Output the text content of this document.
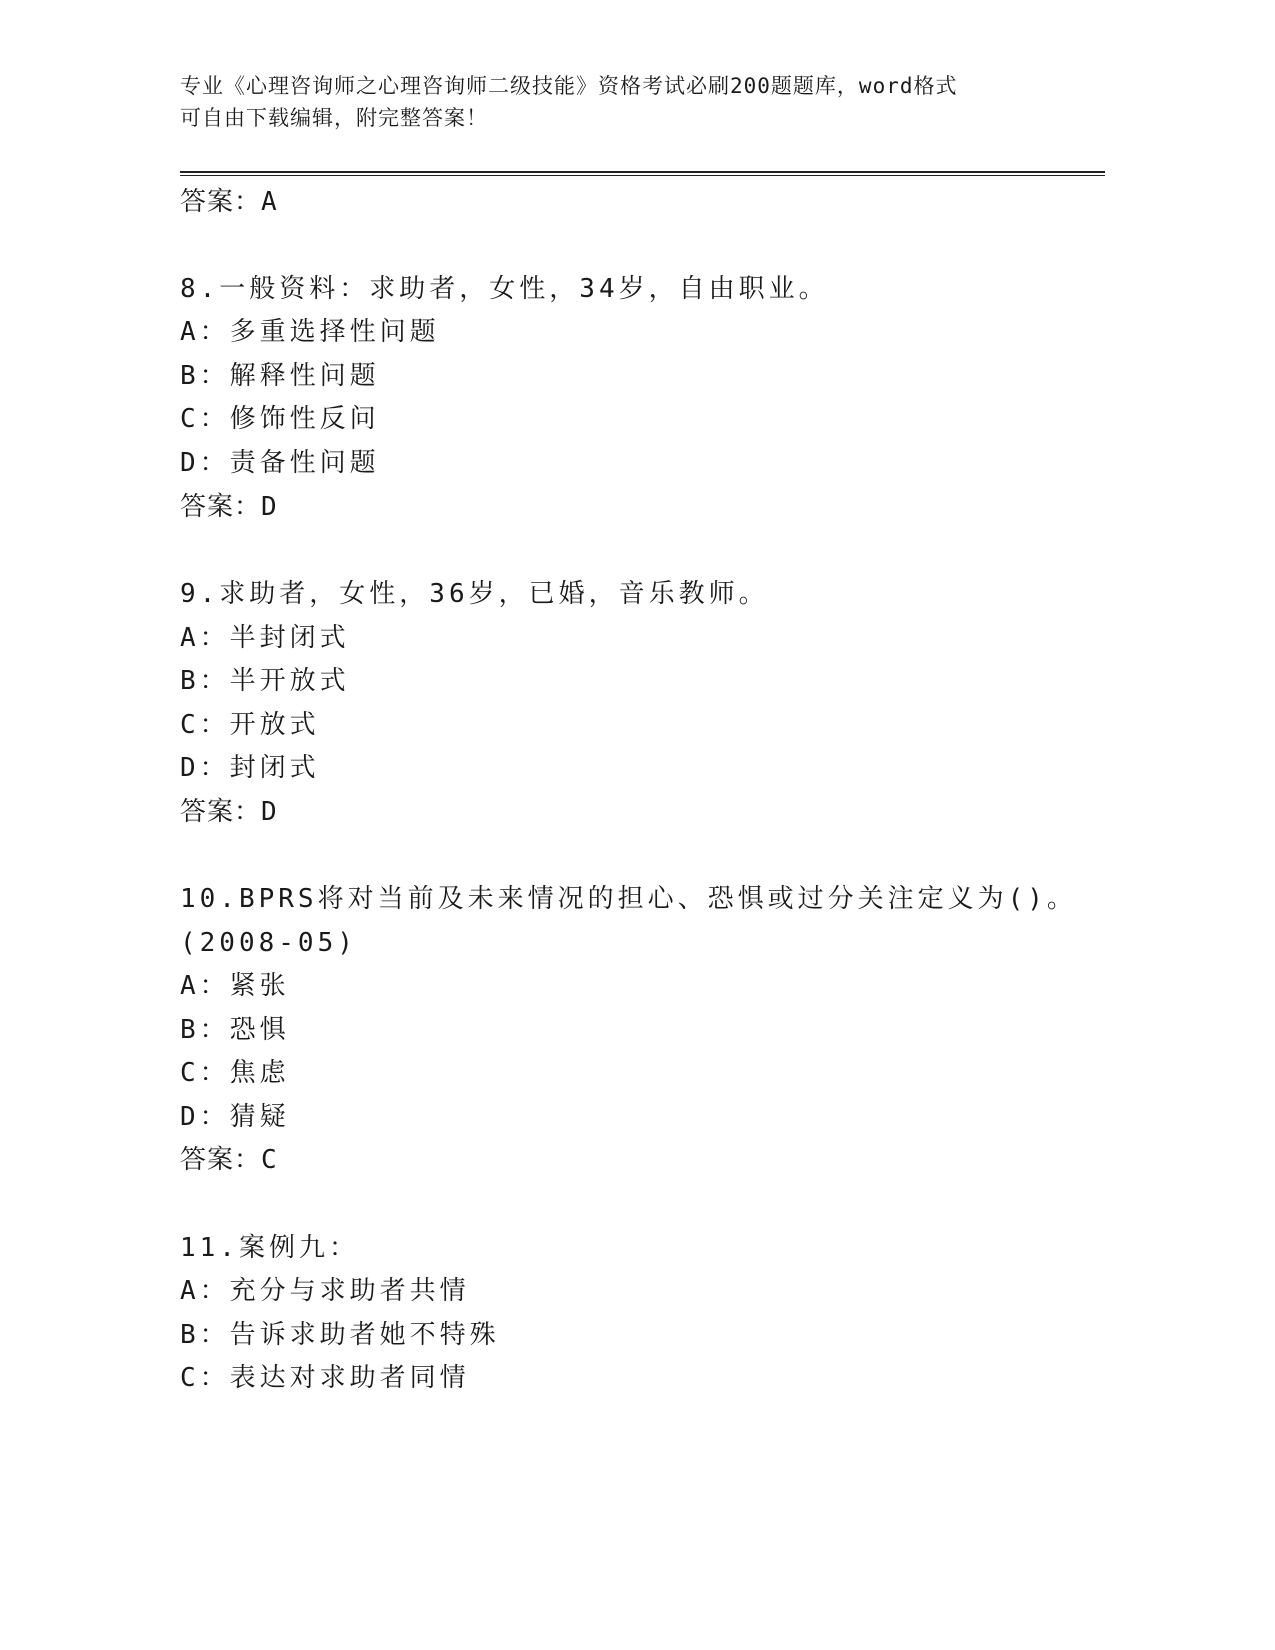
专业《心理咨询师之心理咨询师二级技能》资格考试必刷200题题库，word格式
可自由下载编辑，附完整答案！
答案：A
8.一般资料：求助者，女性，34岁，自由职业。
A：多重选择性问题
B：解释性问题
C：修饰性反问
D：责备性问题
答案：D
9.求助者，女性，36岁，已婚，音乐教师。
A：半封闭式
B：半开放式
C：开放式
D：封闭式
答案：D
10.BPRS将对当前及未来情况的担心、恐惧或过分关注定义为()。
(2008-05)
A：紧张
B：恐惧
C：焦虑
D：猜疑
答案：C
11.案例九：
A：充分与求助者共情
B：告诉求助者她不特殊
C：表达对求助者同情
